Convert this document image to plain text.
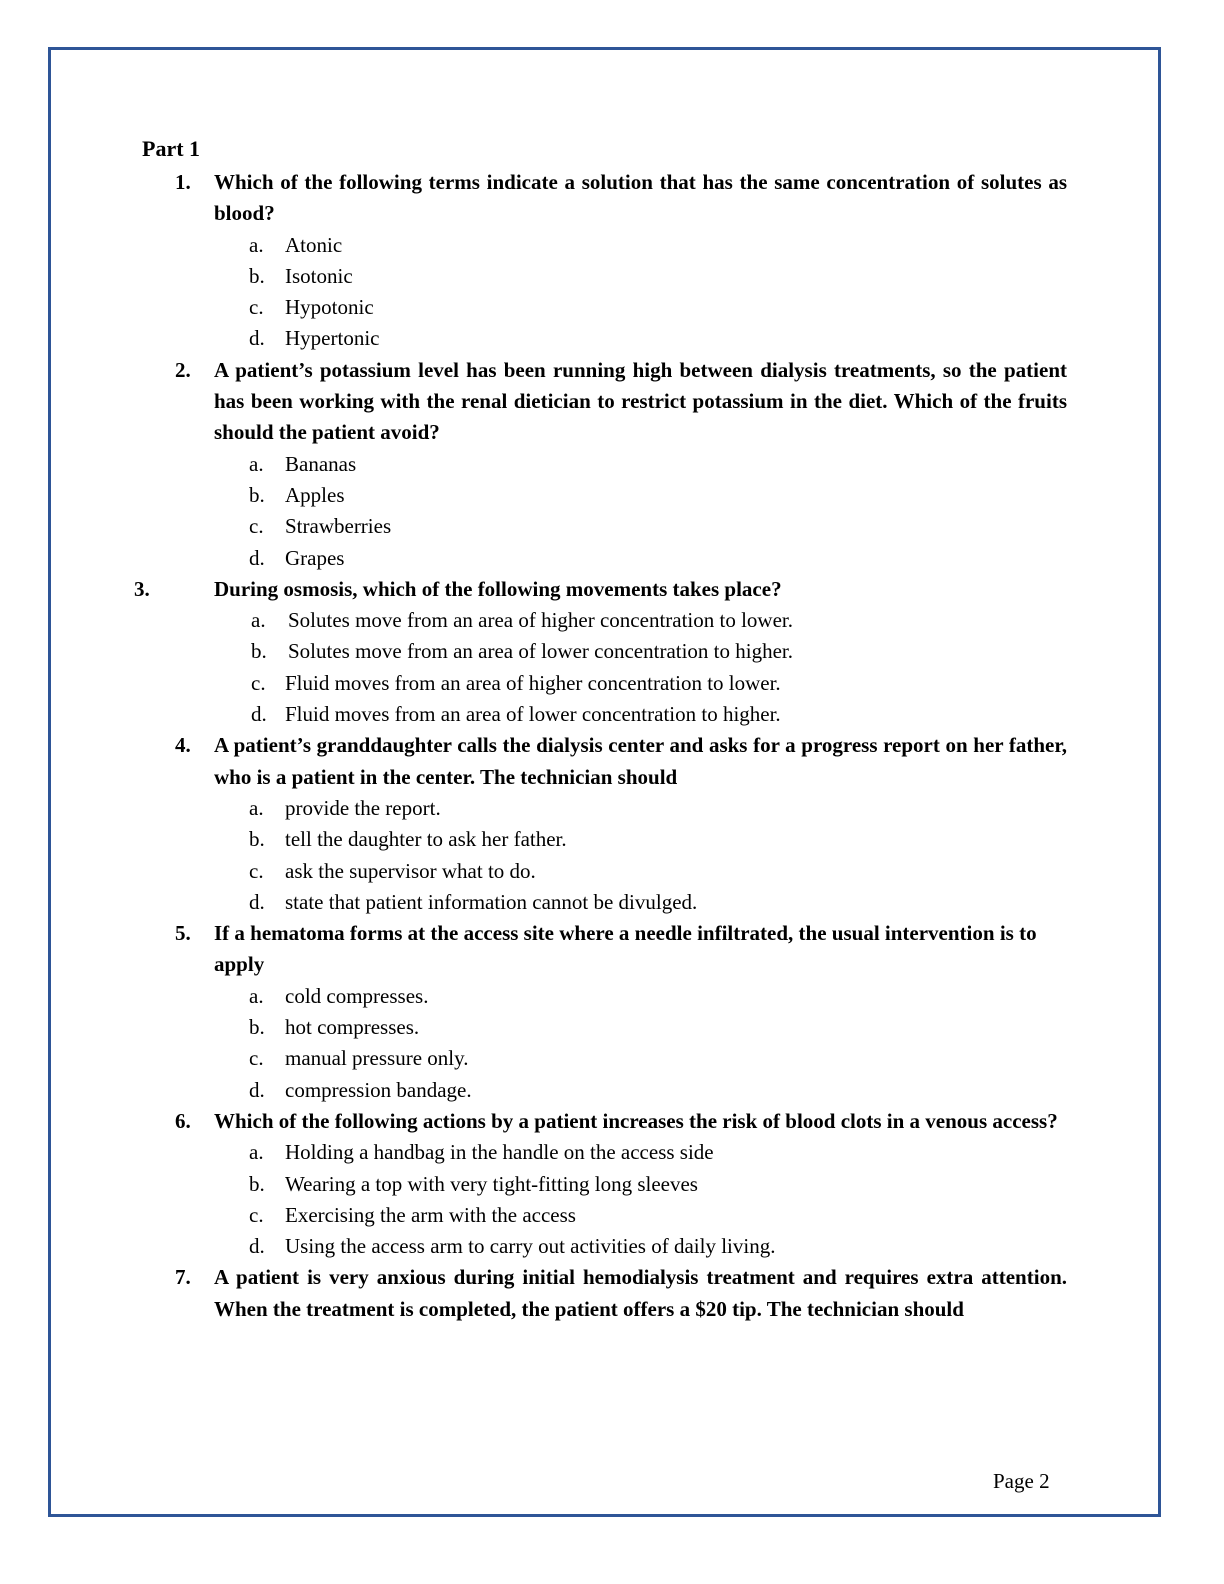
Part 1
1. Which of the following terms indicate a solution that has the same concentration of solutes as blood?
a. Atonic
b. Isotonic
c. Hypotonic
d. Hypertonic
2. A patient’s potassium level has been running high between dialysis treatments, so the patient has been working with the renal dietician to restrict potassium in the diet. Which of the fruits should the patient avoid?
a. Bananas
b. Apples
c. Strawberries
d. Grapes
3.	During osmosis, which of the following movements takes place?
a. Solutes move from an area of higher concentration to lower.
b. Solutes move from an area of lower concentration to higher.
c. Fluid moves from an area of higher concentration to lower.
d. Fluid moves from an area of lower concentration to higher.
4. A patient’s granddaughter calls the dialysis center and asks for a progress report on her father, who is a patient in the center. The technician should
a. provide the report.
b. tell the daughter to ask her father.
c. ask the supervisor what to do.
d. state that patient information cannot be divulged.
5. If a hematoma forms at the access site where a needle infiltrated, the usual intervention is to apply
a. cold compresses.
b. hot compresses.
c. manual pressure only.
d. compression bandage.
6. Which of the following actions by a patient increases the risk of blood clots in a venous access?
a. Holding a handbag in the handle on the access side
b. Wearing a top with very tight-fitting long sleeves
c. Exercising the arm with the access
d. Using the access arm to carry out activities of daily living.
7. A patient is very anxious during initial hemodialysis treatment and requires extra attention. When the treatment is completed, the patient offers a $20 tip. The technician should
Page 2
